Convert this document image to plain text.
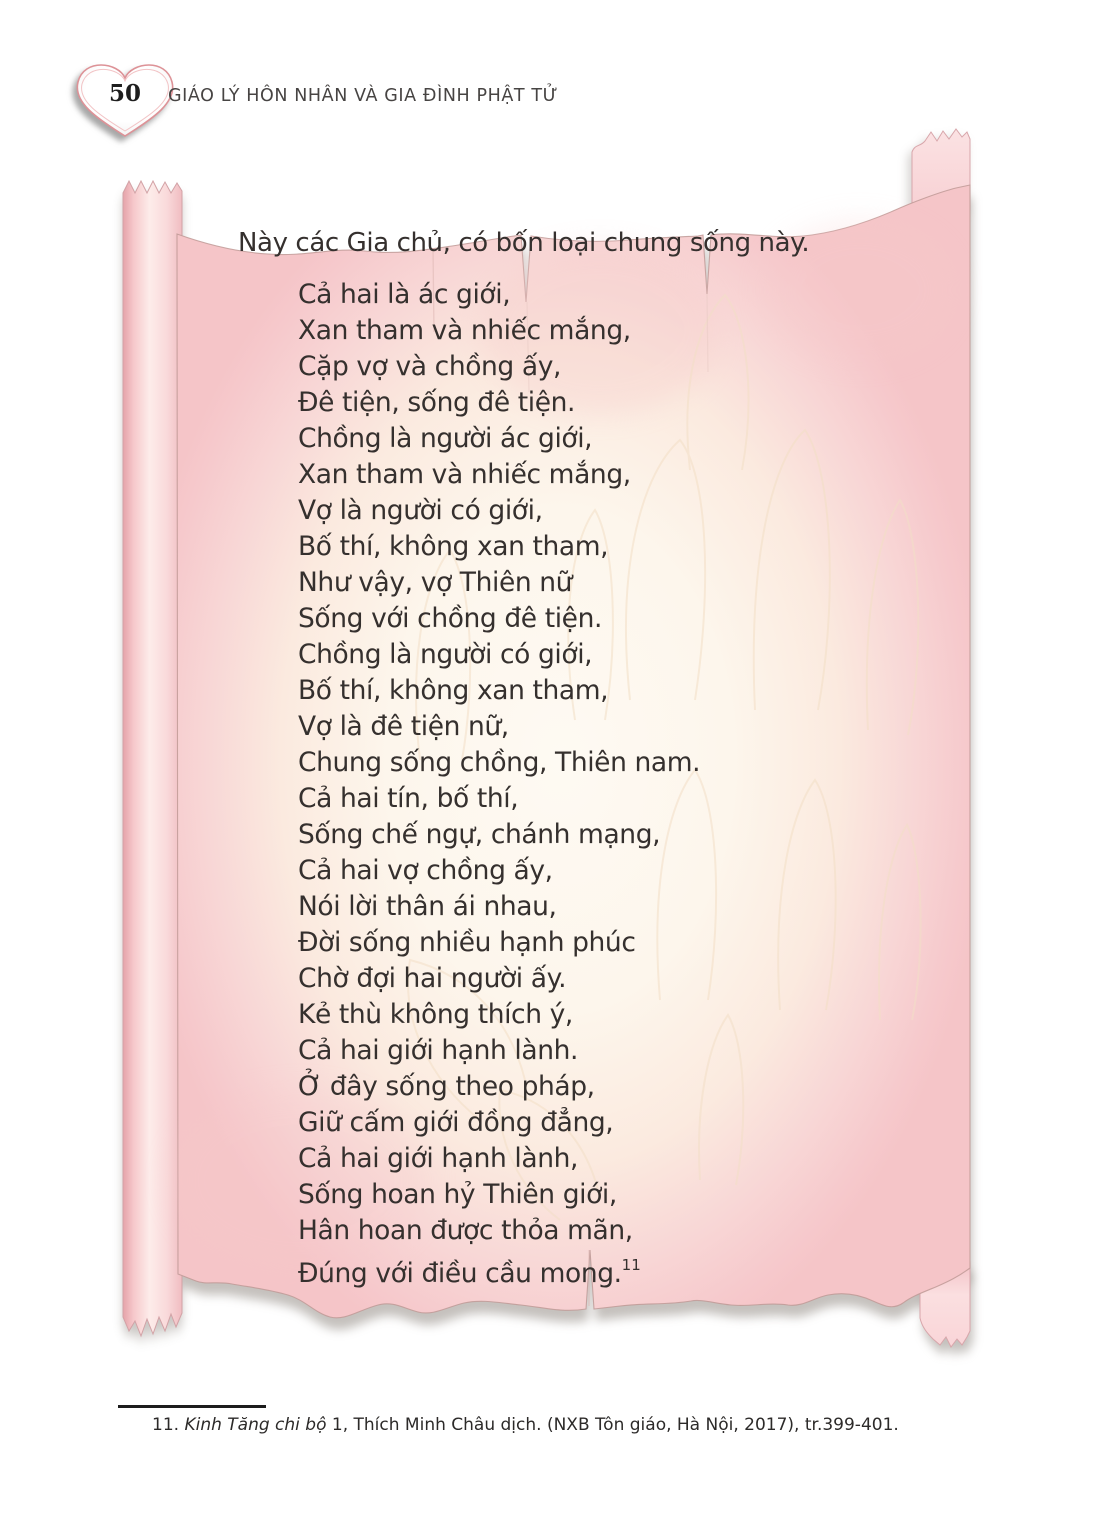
50	GIÁO LÝ HÔN NHÂN VÀ GIA ĐÌNH PHẬT TỬ
Này các Gia chủ, có bốn loại chung sống này.
Cả hai là ác giới,
Xan tham và nhiếc mắng,
Cặp vợ và chồng ấy,
Đê tiện, sống đê tiện.
Chồng là người ác giới,
Xan tham và nhiếc mắng,
Vợ là người có giới,
Bố thí, không xan tham,
Như vậy, vợ Thiên nữ
Sống với chồng đê tiện.
Chồng là người có giới,
Bố thí, không xan tham,
Vợ là đê tiện nữ,
Chung sống chồng, Thiên nam.
Cả hai tín, bố thí,
Sống chế ngự, chánh mạng,
Cả hai vợ chồng ấy,
Nói lời thân ái nhau,
Đời sống nhiều hạnh phúc
Chờ đợi hai người ấy.
Kẻ thù không thích ý,
Cả hai giới hạnh lành.
Ở đây sống theo pháp,
Giữ cấm giới đồng đẳng,
Cả hai giới hạnh lành,
Sống hoan hỷ Thiên giới,
Hân hoan được thỏa mãn,
Đúng với điều cầu mong.$^{11}$
11. Kinh Tăng chi bộ 1, Thích Minh Châu dịch. (NXB Tôn giáo, Hà Nội, 2017), tr.399-401.
